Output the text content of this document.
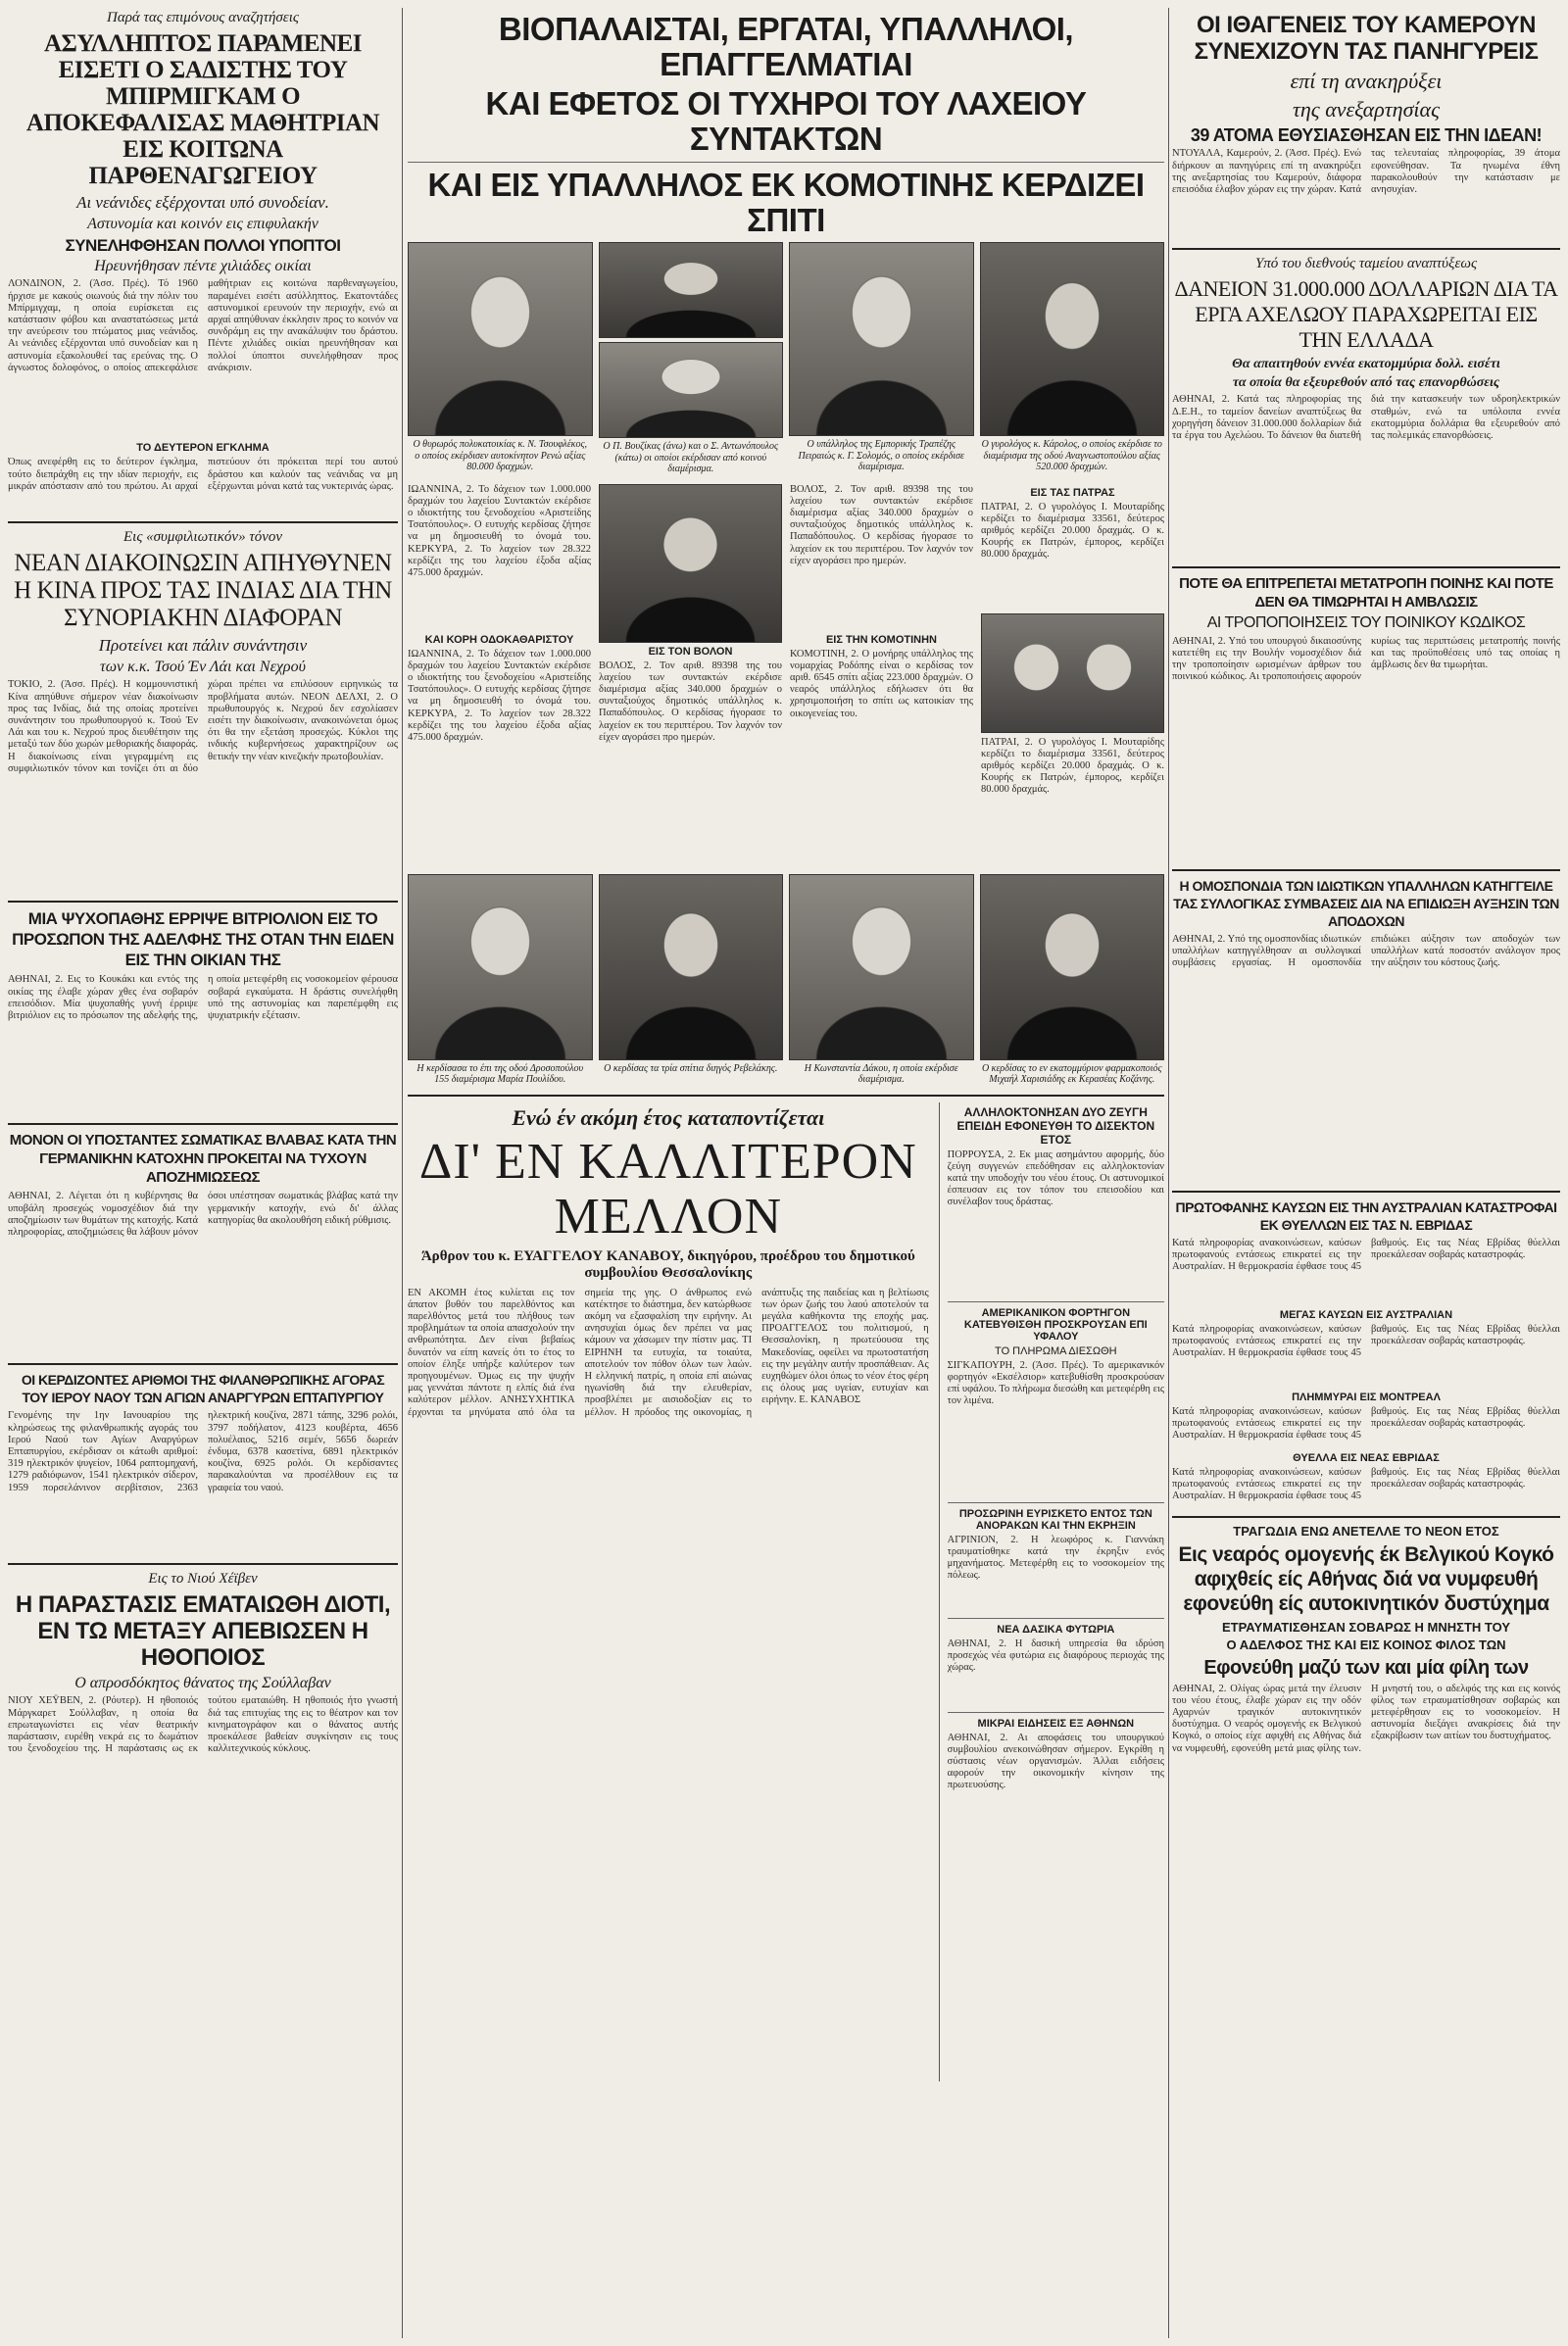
Παρά τας επιμόνους αναζητήσεις
ΑΣΥΛΛΗΠΤΟΣ ΠΑΡΑΜΕΝΕΙ ΕΙΣΕΤΙ Ο ΣΑΔΙΣΤΗΣ ΤΟΥ ΜΠΙΡΜΙΓΚΑΜ Ο ΑΠΟΚΕΦΑΛΙΣΑΣ ΜΑΘΗΤΡΙΑΝ ΕΙΣ ΚΟΙΤΩΝΑ ΠΑΡΘΕΝΑΓΩΓΕΙΟΥ
Αι νεάνιδες εξέρχονται υπό συνοδείαν.
Αστυνομία και κοινόν εις επιφυλακήν
ΣΥΝΕΛΗΦΘΗΣΑΝ ΠΟΛΛΟΙ ΥΠΟΠΤΟΙ
Ηρευνήθησαν πέντε χιλιάδες οικίαι
ΛΟΝΔΙΝΟΝ, 2. (Άσσ. Πρές). Τό 1960 ήρχισε με κακούς οιωνούς διά την πόλιν του Μπίρμιγχαμ, η οποία ευρίσκεται εις κατάστασιν φόβου και αναστατώσεως μετά την ανεύρεσιν του πτώματος μιας νεάνιδος. Αι νεάνιδες εξέρχονται υπό συνοδείαν και η αστυνομία εξακολουθεί τας ερεύνας της. Ο άγνωστος δολοφόνος, ο οποίος απεκεφάλισε μαθήτριαν εις κοιτώνα παρθεναγωγείου, παραμένει εισέτι ασύλληπτος. Εκατοντάδες αστυνομικοί ερευνούν την περιοχήν, ενώ αι αρχαί απηύθυναν έκκλησιν προς το κοινόν να συνδράμη εις την ανακάλυψιν του δράστου. Πέντε χιλιάδες οικίαι ηρευνήθησαν και πολλοί ύποπτοι συνελήφθησαν προς ανάκρισιν.
ΤΟ ΔΕΥΤΕΡΟΝ ΕΓΚΛΗΜΑ
Όπως ανεφέρθη εις το δεύτερον έγκλημα, τούτο διεπράχθη εις την ιδίαν περιοχήν, εις μικράν απόστασιν από του πρώτου. Αι αρχαί πιστεύουν ότι πρόκειται περί του αυτού δράστου και καλούν τας νεάνιδας να μη εξέρχωνται μόναι κατά τας νυκτερινάς ώρας.
Εις «συμφιλιωτικόν» τόνον
ΝΕΑΝ ΔΙΑΚΟΙΝΩΣΙΝ ΑΠΗΥΘΥΝΕΝ Η ΚΙΝΑ ΠΡΟΣ ΤΑΣ ΙΝΔΙΑΣ ΔΙΑ ΤΗΝ ΣΥΝΟΡΙΑΚΗΝ ΔΙΑΦΟΡΑΝ
Προτείνει και πάλιν συνάντησιν
των κ.κ. Τσού Έν Λάι και Νεχρού
ΤΟΚΙΟ, 2. (Άσσ. Πρές). Η κομμουνιστική Κίνα απηύθυνε σήμερον νέαν διακοίνωσιν προς τας Ινδίας, διά της οποίας προτείνει συνάντησιν του πρωθυπουργού κ. Τσού Έν Λάι και του κ. Νεχρού προς διευθέτησιν της μεταξύ των δύο χωρών μεθοριακής διαφοράς. Η διακοίνωσις είναι γεγραμμένη εις συμφιλιωτικόν τόνον και τονίζει ότι αι δύο χώραι πρέπει να επιλύσουν ειρηνικώς τα προβλήματα αυτών. ΝΕΟΝ ΔΕΛΧΙ, 2. Ο πρωθυπουργός κ. Νεχρού δεν εσχολίασεν εισέτι την διακοίνωσιν, ανακοινώνεται όμως ότι θα την εξετάση προσεχώς. Κύκλοι της ινδικής κυβερνήσεως χαρακτηρίζουν ως θετικήν την νέαν κινεζικήν πρωτοβουλίαν.
ΜΙΑ ΨΥΧΟΠΑΘΗΣ ΕΡΡΙΨΕ ΒΙΤΡΙΟΛΙΟΝ ΕΙΣ ΤΟ ΠΡΟΣΩΠΟΝ ΤΗΣ ΑΔΕΛΦΗΣ ΤΗΣ ΟΤΑΝ ΤΗΝ ΕΙΔΕΝ ΕΙΣ ΤΗΝ ΟΙΚΙΑΝ ΤΗΣ
ΑΘΗΝΑΙ, 2. Εις το Κουκάκι και εντός της οικίας της έλαβε χώραν χθες ένα σοβαρόν επεισόδιον. Μία ψυχοπαθής γυνή έρριψε βιτριόλιον εις το πρόσωπον της αδελφής της, η οποία μετεφέρθη εις νοσοκομείον φέρουσα σοβαρά εγκαύματα. Η δράστις συνελήφθη υπό της αστυνομίας και παρεπέμφθη εις ψυχιατρικήν εξέτασιν.
ΜΟΝΟΝ ΟΙ ΥΠΟΣΤΑΝΤΕΣ ΣΩΜΑΤΙΚΑΣ ΒΛΑΒΑΣ ΚΑΤΑ ΤΗΝ ΓΕΡΜΑΝΙΚΗΝ ΚΑΤΟΧΗΝ ΠΡΟΚΕΙΤΑΙ ΝΑ ΤΥΧΟΥΝ ΑΠΟΖΗΜΙΩΣΕΩΣ
ΑΘΗΝΑΙ, 2. Λέγεται ότι η κυβέρνησις θα υποβάλη προσεχώς νομοσχέδιον διά την αποζημίωσιν των θυμάτων της κατοχής. Κατά πληροφορίας, αποζημιώσεις θα λάβουν μόνον όσοι υπέστησαν σωματικάς βλάβας κατά την γερμανικήν κατοχήν, ενώ δι' άλλας κατηγορίας θα ακολουθήση ειδική ρύθμισις.
ΟΙ ΚΕΡΔΙΖΟΝΤΕΣ ΑΡΙΘΜΟΙ ΤΗΣ ΦΙΛΑΝΘΡΩΠΙΚΗΣ ΑΓΟΡΑΣ ΤΟΥ ΙΕΡΟΥ ΝΑΟΥ ΤΩΝ ΑΓΙΩΝ ΑΝΑΡΓΥΡΩΝ ΕΠΤΑΠΥΡΓΙΟΥ
Γενομένης την 1ην Ιανουαρίου της κληρώσεως της φιλανθρωπικής αγοράς του Ιερού Ναού των Αγίων Αναργύρων Επταπυργίου, εκέρδισαν οι κάτωθι αριθμοί: 319 ηλεκτρικόν ψυγείον, 1064 ραπτομηχανή, 1279 ραδιόφωνον, 1541 ηλεκτρικόν σίδερον, 1959 πορσελάνινον σερβίτσιον, 2363 ηλεκτρική κουζίνα, 2871 τάπης, 3296 ρολόι, 3797 ποδήλατον, 4123 κουβέρτα, 4656 πολυέλαιος, 5216 σεμέν, 5656 δωρεάν ένδυμα, 6378 κασετίνα, 6891 ηλεκτρικόν κουζίνα, 6925 ρολόι. Οι κερδίσαντες παρακαλούνται να προσέλθουν εις τα γραφεία του ναού.
Εις το Νιού Χέϊβεν
Η ΠΑΡΑΣΤΑΣΙΣ ΕΜΑΤΑΙΩΘΗ ΔΙΟΤΙ, ΕΝ ΤΩ ΜΕΤΑΞΥ ΑΠΕΒΙΩΣΕΝ Η ΗΘΟΠΟΙΟΣ
Ο απροσδόκητος θάνατος της Σούλλαβαν
ΝΙΟΥ ΧΕΫΒΕΝ, 2. (Ρόυτερ). Η ηθοποιός Μάργκαρετ Σούλλαβαν, η οποία θα επρωταγωνίστει εις νέαν θεατρικήν παράστασιν, ευρέθη νεκρά εις το δωμάτιον του ξενοδοχείου της. Η παράστασις ως εκ τούτου εματαιώθη. Η ηθοποιός ήτο γνωστή διά τας επιτυχίας της εις το θέατρον και τον κινηματογράφον και ο θάνατος αυτής προεκάλεσε βαθείαν συγκίνησιν εις τους καλλιτεχνικούς κύκλους.
ΒΙΟΠΑΛΑΙΣΤΑΙ, ΕΡΓΑΤΑΙ, ΥΠΑΛΛΗΛΟΙ, ΕΠΑΓΓΕΛΜΑΤΙΑΙ
ΚΑΙ ΕΦΕΤΟΣ ΟΙ ΤΥΧΗΡΟΙ ΤΟΥ ΛΑΧΕΙΟΥ ΣΥΝΤΑΚΤΩΝ
ΚΑΙ ΕΙΣ ΥΠΑΛΛΗΛΟΣ ΕΚ ΚΟΜΟΤΙΝΗΣ ΚΕΡΔΙΖΕΙ ΣΠΙΤΙ
Ο θυρωρός πολυκατοικίας κ. Ν. Τσουφλέκος, ο οποίος εκέρδισεν αυτοκίνητον Ρενώ αξίας 80.000 δραχμών.
Ο Π. Βουζίκας (άνω) και ο Σ. Αντωνόπουλος (κάτω) οι οποίοι εκέρδισαν από κοινού διαμέρισμα.
Ο υπάλληλος της Εμπορικής Τραπέζης Πειραιώς κ. Γ. Σολομός, ο οποίος εκέρδισε διαμέρισμα.
Ο γυρολόγος κ. Κάρολος, ο οποίος εκέρδισε το διαμέρισμα της οδού Αναγνωστοπούλου αξίας 520.000 δραχμών.
ΙΩΑΝΝΙΝΑ, 2. Το δάχειον των 1.000.000 δραχμών του λαχείου Συντακτών εκέρδισε ο ιδιοκτήτης του ξενοδοχείου «Αριστείδης Τσατόπουλος». Ο ευτυχής κερδίσας ζήτησε να μη δημοσιευθή το όνομά του. ΚΕΡΚΥΡΑ, 2. Το λαχείον των 28.322 κερδίζει της του λαχείου έξοδα αξίας 475.000 δραχμών.
ΚΑΙ ΚΟΡΗ ΟΔΟΚΑΘΑΡΙΣΤΟΥ
ΙΩΑΝΝΙΝΑ, 2. Το δάχειον των 1.000.000 δραχμών του λαχείου Συντακτών εκέρδισε ο ιδιοκτήτης του ξενοδοχείου «Αριστείδης Τσατόπουλος». Ο ευτυχής κερδίσας ζήτησε να μη δημοσιευθή το όνομά του. ΚΕΡΚΥΡΑ, 2. Το λαχείον των 28.322 κερδίζει της του λαχείου έξοδα αξίας 475.000 δραχμών.
ΕΙΣ ΤΟΝ ΒΟΛΟΝ
ΒΟΛΟΣ, 2. Τον αριθ. 89398 της του λαχείου των συντακτών εκέρδισε διαμέρισμα αξίας 340.000 δραχμών ο συνταξιούχος δημοτικός υπάλληλος κ. Παπαδόπουλος. Ο κερδίσας ήγορασε το λαχείον εκ του περιπτέρου. Τον λαχνόν τον είχεν αγοράσει προ ημερών.
ΒΟΛΟΣ, 2. Τον αριθ. 89398 της του λαχείου των συντακτών εκέρδισε διαμέρισμα αξίας 340.000 δραχμών ο συνταξιούχος δημοτικός υπάλληλος κ. Παπαδόπουλος. Ο κερδίσας ήγορασε το λαχείον εκ του περιπτέρου. Τον λαχνόν τον είχεν αγοράσει προ ημερών.
ΕΙΣ ΤΗΝ ΚΟΜΟΤΙΝΗΝ
ΚΟΜΟΤΙΝΗ, 2. Ο μονήρης υπάλληλος της νομαρχίας Ροδόπης είναι ο κερδίσας τον αριθ. 6545 σπίτι αξίας 223.000 δραχμών. Ο νεαρός υπάλληλος εδήλωσεν ότι θα χρησιμοποιήση το σπίτι ως κατοικίαν της οικογενείας του.
ΕΙΣ ΤΑΣ ΠΑΤΡΑΣ
ΠΑΤΡΑΙ, 2. Ο γυρολόγος Ι. Μουταρίδης κερδίζει το διαμέρισμα 33561, δεύτερος αριθμός κερδίζει 20.000 δραχμάς. Ο κ. Κουρής εκ Πατρών, έμπορος, κερδίζει 80.000 δραχμάς.
ΠΑΤΡΑΙ, 2. Ο γυρολόγος Ι. Μουταρίδης κερδίζει το διαμέρισμα 33561, δεύτερος αριθμός κερδίζει 20.000 δραχμάς. Ο κ. Κουρής εκ Πατρών, έμπορος, κερδίζει 80.000 δραχμάς.
Η κερδίσασα το έπι της οδού Δροσοπούλου 155 διαμέρισμα Μαρία Πουλίδου.
Ο κερδίσας τα τρία σπίτια διηγός Ρεβελάκης.	Η Κωνσταντία Δάκου, η οποία εκέρδισε διαμέρισμα.
Ο κερδίσας το εν εκατομμύριον φαρμακοποιός Μιχαήλ Χαρισιάδης εκ Κερασέας Κοζάνης.
Ενώ έν ακόμη έτος καταποντίζεται
ΔΙ' ΕΝ ΚΑΛΛΙΤΕΡΟΝ ΜΕΛΛΟΝ
Άρθρον του κ. ΕΥΑΓΓΕΛΟΥ ΚΑΝΑΒΟΥ, δικηγόρου, προέδρου του δημοτικού συμβουλίου Θεσσαλονίκης
ΕΝ ΑΚΟΜΗ έτος κυλίεται εις τον άπατον βυθόν του παρελθόντος και παρελθόντος μετά του πλήθους των προβλημάτων τα οποία απασχολούν την ανθρωπότητα. Δεν είναι βεβαίως δυνατόν να είπη κανείς ότι το έτος το οποίον έληξε υπήρξε καλύτερον των προηγουμένων. Όμως εις την ψυχήν μας γεννάται πάντοτε η ελπίς διά ένα καλύτερον μέλλον. ΑΝΗΣΥΧΗΤΙΚΑ έρχονται τα μηνύματα από όλα τα σημεία της γης. Ο άνθρωπος ενώ κατέκτησε το διάστημα, δεν κατώρθωσε ακόμη να εξασφαλίση την ειρήνην. Αι ανησυχίαι όμως δεν πρέπει να μας κάμουν να χάσωμεν την πίστιν μας. ΤΙ ΕΙΡΗΝΗ τα ευτυχία, τα τοιαύτα, αποτελούν τον πόθον όλων των λαών. Η ελληνική πατρίς, η οποία επί αιώνας ηγωνίσθη διά την ελευθερίαν, προσβλέπει με αισιοδοξίαν εις το μέλλον. Η πρόοδος της οικονομίας, η ανάπτυξις της παιδείας και η βελτίωσις των όρων ζωής του λαού αποτελούν τα μεγάλα καθήκοντα της εποχής μας. ΠΡΟΑΓΓΕΛΟΣ του πολιτισμού, η Θεσσαλονίκη, η πρωτεύουσα της Μακεδονίας, οφείλει να πρωτοστατήση εις την μεγάλην αυτήν προσπάθειαν. Ας ευχηθώμεν όλοι όπως το νέον έτος φέρη εις όλους μας υγείαν, ευτυχίαν και ειρήνην. Ε. ΚΑΝΑΒΟΣ
ΑΛΛΗΛΟΚΤΟΝΗΣΑΝ ΔΥΟ ΖΕΥΓΗ ΕΠΕΙΔΗ ΕΦΟΝΕΥΘΗ ΤΟ ΔΙΣΕΚΤΟΝ ΕΤΟΣ
ΠΟΡΡΟΥΣΑ, 2. Εκ μιας ασημάντου αφορμής, δύο ζεύγη συγγενών επεδόθησαν εις αλληλοκτονίαν κατά την υποδοχήν του νέου έτους. Οι αστυνομικοί έσπευσαν εις τον τόπον του επεισοδίου και συνέλαβον τους δράστας.
ΑΜΕΡΙΚΑΝΙΚΟΝ ΦΟΡΤΗΓΟΝ ΚΑΤΕΒΥΘΙΣΘΗ ΠΡΟΣΚΡΟΥΣΑΝ ΕΠΙ ΥΦΑΛΟΥ
ΤΟ ΠΛΗΡΩΜΑ ΔΙΕΣΩΘΗ
ΣΙΓΚΑΠΟΥΡΗ, 2. (Άσσ. Πρές). Το αμερικανικόν φορτηγόν «Εκσέλσιορ» κατεβυθίσθη προσκρούσαν επί υφάλου. Το πλήρωμα διεσώθη και μετεφέρθη εις τον λιμένα.
ΠΡΟΣΩΡΙΝΗ ΕΥΡΙΣΚΕΤΟ ΕΝΤΟΣ ΤΩΝ ΑΝΟΡΑΚΩΝ ΚΑΙ ΤΗΝ ΕΚΡΗΞΙΝ
ΑΓΡΙΝΙΟΝ, 2. Η λεωφόρος κ. Γιαννάκη τραυματίσθηκε κατά την έκρηξιν ενός μηχανήματος. Μετεφέρθη εις το νοσοκομείον της πόλεως.
ΝΕΑ ΔΑΣΙΚΑ ΦΥΤΩΡΙΑ
ΑΘΗΝΑΙ, 2. Η δασική υπηρεσία θα ιδρύση προσεχώς νέα φυτώρια εις διαφόρους περιοχάς της χώρας.
ΜΙΚΡΑΙ ΕΙΔΗΣΕΙΣ ΕΞ ΑΘΗΝΩΝ
ΑΘΗΝΑΙ, 2. Αι αποφάσεις του υπουργικού συμβουλίου ανεκοινώθησαν σήμερον. Εγκρίθη η σύστασις νέων οργανισμών. Άλλαι ειδήσεις αφορούν την οικονομικήν κίνησιν της πρωτευούσης.
ΟΙ ΙΘΑΓΕΝΕΙΣ ΤΟΥ ΚΑΜΕΡΟΥΝ ΣΥΝΕΧΙΖΟΥΝ ΤΑΣ ΠΑΝΗΓΥΡΕΙΣ
επί τη ανακηρύξει
της ανεξαρτησίας
39 ΑΤΟΜΑ ΕΘΥΣΙΑΣΘΗΣΑΝ ΕΙΣ ΤΗΝ ΙΔΕΑΝ!
ΝΤΟΥΑΛΑ, Καμερούν, 2. (Άσσ. Πρές). Ενώ διήρκουν αι πανηγύρεις επί τη ανακηρύξει της ανεξαρτησίας του Καμερούν, διάφορα επεισόδια έλαβον χώραν εις την χώραν. Κατά τας τελευταίας πληροφορίας, 39 άτομα εφονεύθησαν. Τα ηνωμένα έθνη παρακολουθούν την κατάστασιν με ανησυχίαν.
Υπό του διεθνούς ταμείου αναπτύξεως
ΔΑΝΕΙΟΝ 31.000.000 ΔΟΛΛΑΡΙΩΝ ΔΙΑ ΤΑ ΕΡΓΑ ΑΧΕΛΩΟΥ ΠΑΡΑΧΩΡΕΙΤΑΙ ΕΙΣ ΤΗΝ ΕΛΛΑΔΑ
Θα απαιτηθούν εννέα εκατομμύρια δολλ. εισέτι
τα οποία θα εξευρεθούν από τας επανορθώσεις
ΑΘΗΝΑΙ, 2. Κατά τας πληροφορίας της Δ.Ε.Η., το ταμείον δανείων αναπτύξεως θα χορηγήση δάνειον 31.000.000 δολλαρίων διά τα έργα του Αχελώου. Το δάνειον θα διατεθή διά την κατασκευήν των υδροηλεκτρικών σταθμών, ενώ τα υπόλοιπα εννέα εκατομμύρια δολλάρια θα εξευρεθούν από τας πολεμικάς επανορθώσεις.
ΠΟΤΕ ΘΑ ΕΠΙΤΡΕΠΕΤΑΙ ΜΕΤΑΤΡΟΠΗ ΠΟΙΝΗΣ ΚΑΙ ΠΟΤΕ ΔΕΝ ΘΑ ΤΙΜΩΡΗΤΑΙ Η ΑΜΒΛΩΣΙΣ
ΑΙ ΤΡΟΠΟΠΟΙΗΣΕΙΣ ΤΟΥ ΠΟΙΝΙΚΟΥ ΚΩΔΙΚΟΣ
ΑΘΗΝΑΙ, 2. Υπό του υπουργού δικαιοσύνης κατετέθη εις την Βουλήν νομοσχέδιον διά την τροποποίησιν ωρισμένων άρθρων του ποινικού κώδικος. Αι τροποποιήσεις αφορούν κυρίως τας περιπτώσεις μετατροπής ποινής και τας προϋποθέσεις υπό τας οποίας η άμβλωσις δεν θα τιμωρήται.
Η ΟΜΟΣΠΟΝΔΙΑ ΤΩΝ ΙΔΙΩΤΙΚΩΝ ΥΠΑΛΛΗΛΩΝ ΚΑΤΗΓΓΕΙΛΕ ΤΑΣ ΣΥΛΛΟΓΙΚΑΣ ΣΥΜΒΑΣΕΙΣ ΔΙΑ ΝΑ ΕΠΙΔΙΩΞΗ ΑΥΞΗΣΙΝ ΤΩΝ ΑΠΟΔΟΧΩΝ
ΑΘΗΝΑΙ, 2. Υπό της ομοσπονδίας ιδιωτικών υπαλλήλων κατηγγέλθησαν αι συλλογικαί συμβάσεις εργασίας. Η ομοσπονδία επιδιώκει αύξησιν των αποδοχών των υπαλλήλων κατά ποσοστόν ανάλογον προς την αύξησιν του κόστους ζωής.
ΠΡΩΤΟΦΑΝΗΣ ΚΑΥΣΩΝ ΕΙΣ ΤΗΝ ΑΥΣΤΡΑΛΙΑΝ ΚΑΤΑΣΤΡΟΦΑΙ ΕΚ ΘΥΕΛΛΩΝ ΕΙΣ ΤΑΣ Ν. ΕΒΡΙΔΑΣ
Κατά πληροφορίας ανακοινώσεων, καύσων πρωτοφανούς εντάσεως επικρατεί εις την Αυστραλίαν. Η θερμοκρασία έφθασε τους 45 βαθμούς. Εις τας Νέας Εβρίδας θύελλαι προεκάλεσαν σοβαράς καταστροφάς.
ΜΕΓΑΣ ΚΑΥΣΩΝ ΕΙΣ ΑΥΣΤΡΑΛΙΑΝ
Κατά πληροφορίας ανακοινώσεων, καύσων πρωτοφανούς εντάσεως επικρατεί εις την Αυστραλίαν. Η θερμοκρασία έφθασε τους 45 βαθμούς. Εις τας Νέας Εβρίδας θύελλαι προεκάλεσαν σοβαράς καταστροφάς.
ΠΛΗΜΜΥΡΑΙ ΕΙΣ ΜΟΝΤΡΕΑΛ
Κατά πληροφορίας ανακοινώσεων, καύσων πρωτοφανούς εντάσεως επικρατεί εις την Αυστραλίαν. Η θερμοκρασία έφθασε τους 45 βαθμούς. Εις τας Νέας Εβρίδας θύελλαι προεκάλεσαν σοβαράς καταστροφάς.
ΘΥΕΛΛΑ ΕΙΣ ΝΕΑΣ ΕΒΡΙΔΑΣ
Κατά πληροφορίας ανακοινώσεων, καύσων πρωτοφανούς εντάσεως επικρατεί εις την Αυστραλίαν. Η θερμοκρασία έφθασε τους 45 βαθμούς. Εις τας Νέας Εβρίδας θύελλαι προεκάλεσαν σοβαράς καταστροφάς.
ΤΡΑΓΩΔΙΑ ΕΝΩ ΑΝΕΤΕΛΛΕ ΤΟ ΝΕΟΝ ΕΤΟΣ
Εις νεαρός ομογενής έκ Βελγικού Κογκό αφιχθείς είς Αθήνας διά να νυμφευθή εφονεύθη είς αυτοκινητικόν δυστύχημα
ΕΤΡΑΥΜΑΤΙΣΘΗΣΑΝ ΣΟΒΑΡΩΣ Η ΜΝΗΣΤΗ ΤΟΥ
Ο ΑΔΕΛΦΟΣ ΤΗΣ ΚΑΙ ΕΙΣ ΚΟΙΝΟΣ ΦΙΛΟΣ ΤΩΝ
Εφονεύθη μαζύ των και μία φίλη των
ΑΘΗΝΑΙ, 2. Ολίγας ώρας μετά την έλευσιν του νέου έτους, έλαβε χώραν εις την οδόν Αχαρνών τραγικόν αυτοκινητικόν δυστύχημα. Ο νεαρός ομογενής εκ Βελγικού Κογκό, ο οποίος είχε αφιχθή εις Αθήνας διά να νυμφευθή, εφονεύθη μετά μιας φίλης των. Η μνηστή του, ο αδελφός της και εις κοινός φίλος των ετραυματίσθησαν σοβαρώς και μετεφέρθησαν εις το νοσοκομείον. Η αστυνομία διεξάγει ανακρίσεις διά την εξακρίβωσιν των αιτίων του δυστυχήματος.
